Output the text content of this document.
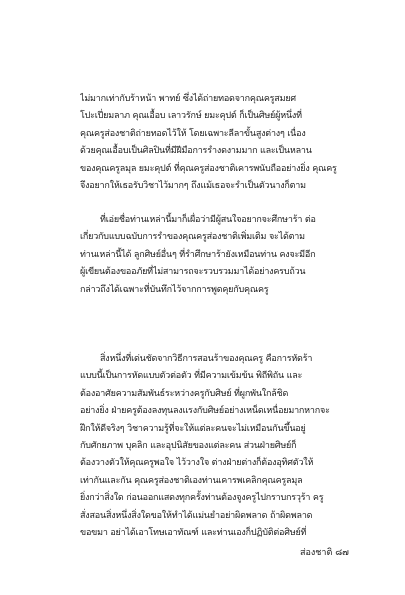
ไม่มากเท่ากับร้าหน้า พาทย์ ซึ่งได้ถ่ายทอดจากคุณครูสมยศ
โปะเปี่ยมลาภ คุณเอื้อบ เลาวรักษ์ ยมะคุปต์ ก็เป็นศิษย์ผู้หนึ่งที่
คุณครูส่องชาติถ่ายทอดไว้ให้ โดยเฉพาะลีลาขั้นสูงต่างๆ เนื่อง
ด้วยคุณเอื้อบเป็นศิลปินที่มีฝีมือการรำงดงามมาก และเป็นหลาน
ของคุณครูลมุล ยมะคุปต์ ที่คุณครูส่องชาติเคารพนับถืออย่างยิ่ง คุณครู
จึงอยากให้เธอรับวิชาไว้มากๆ ถึงแม้เธอจะรำเป็นตัวนางก็ตาม
ที่เอ่ยชื่อท่านเหล่านี้มาก็เผื่อว่ามีผู้สนใจอยากจะศึกษาร้า ต่อ
เกี่ยวกับแบบฉบับการรำของคุณครูส่องชาติเพิ่มเติม จะได้ตาม
ท่านเหล่านี้ได้ ลูกศิษย์อื่นๆ ที่รำศึกษาร้ายังเหมือนท่าน คงจะมีอีก
ผู้เขียนต้องขออภัยที่ไม่สามารถจะรวบรวมมาได้อย่างครบถ้วน
กล่าวถึงได้เฉพาะที่บันทึกไว้จากการพูดคุยกับคุณครู
สิ่งหนึ่งที่เด่นชัดจากวิธีการสอนร้าของคุณครู คือการหัดร้า
แบบนี้เป็นการหัดแบบตัวต่อตัว ที่มีความเข้มข้น พิถีพิถัน และ
ต้องอาศัยความสัมพันธ์ระหว่างครูกับศิษย์ ที่ผูกพันใกล้ชิด
อย่างยิ่ง ฝ่ายครูต้องลงทุนลงแรงกับศิษย์อย่างเหน็ดเหนื่อยมากหากจะ
ฝึกให้ดีจริงๆ วิชาความรู้ที่จะให้แต่ละคนจะไม่เหมือนกันขึ้นอยู่
กับศักยภาพ บุคลิก และอุปนิสัยของแต่ละคน ส่วนฝ่ายศิษย์ก็
ต้องวางตัวให้คุณครูพอใจ ไว้วางใจ ต่างฝ่ายต่างก็ต้องอุทิศตัวให้
เท่ากันและกัน คุณครูส่องชาติเองท่านเคารพเคลิกคุณครูลมุล
ยิ่งกว่าสิ่งใด ก่อนออกแสดงทุกครั้งท่านต้องจูงครูไปกราบกรวุร้า ครู
สั่งสอนสิ่งหนึ่งสิ่งใดขอให้ทำได้แม่นยำอย่าผิดพลาด ถ้าผิดพลาด
ขอขมา อย่าได้เอาโทษเอาทัณฑ์ และท่านเองก็ปฏิบัติต่อศิษย์ที่
ส่องชาติ ๘๗
